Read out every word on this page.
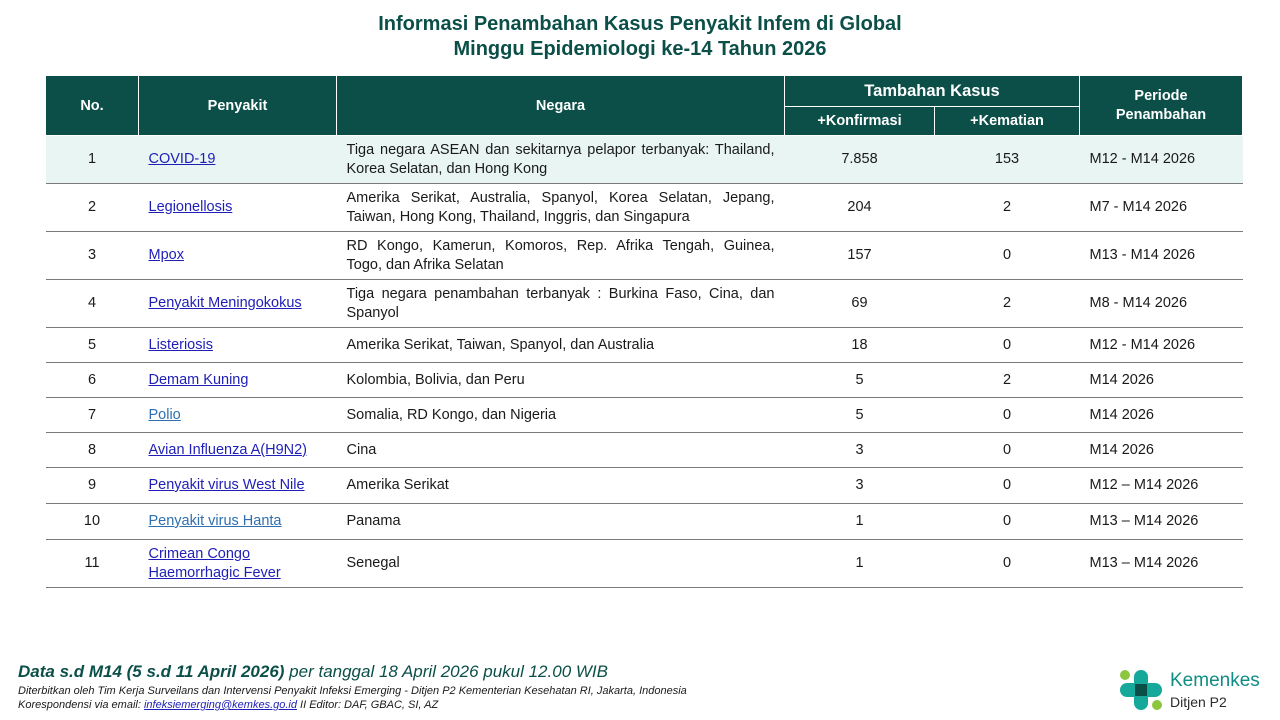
Informasi Penambahan Kasus Penyakit Infem di Global
Minggu Epidemiologi ke-14 Tahun 2026
No.	Penyakit	Negara	Tambahan Kasus		Periode Penambahan
			+Konfirmasi	+Kematian	
1	COVID-19	Tiga negara ASEAN dan sekitarnya pelapor terbanyak: Thailand, Korea Selatan, dan Hong Kong	7.858	153	M12 - M14 2026
2	Legionellosis	Amerika Serikat, Australia, Spanyol, Korea Selatan, Jepang, Taiwan, Hong Kong, Thailand, Inggris, dan Singapura	204	2	M7 - M14 2026
3	Mpox	RD Kongo, Kamerun, Komoros, Rep. Afrika Tengah, Guinea, Togo, dan Afrika Selatan	157	0	M13 - M14 2026
4	Penyakit Meningokokus	Tiga negara penambahan terbanyak : Burkina Faso, Cina, dan Spanyol	69	2	M8 - M14 2026
5	Listeriosis	Amerika Serikat, Taiwan, Spanyol, dan Australia	18	0	M12 - M14 2026
6	Demam Kuning	Kolombia, Bolivia, dan Peru	5	2	M14 2026
7	Polio	Somalia, RD Kongo, dan Nigeria	5	0	M14 2026
8	Avian Influenza A(H9N2)	Cina	3	0	M14 2026
9	Penyakit virus West Nile	Amerika Serikat	3	0	M12 – M14 2026
10	Penyakit virus Hanta	Panama	1	0	M13 – M14 2026
11	Crimean Congo Haemorrhagic Fever	Senegal	1	0	M13 – M14 2026
Data s.d M14 (5 s.d 11 April 2026) per tanggal 18 April 2026 pukul 12.00 WIB
Diterbitkan oleh Tim Kerja Surveilans dan Intervensi Penyakit Infeksi Emerging - Ditjen P2 Kementerian Kesehatan RI, Jakarta, Indonesia
Korespondensi via email: infeksiemerging@kemkes.go.id II Editor: DAF, GBAC, SI, AZ
Kemenkes
Ditjen P2
